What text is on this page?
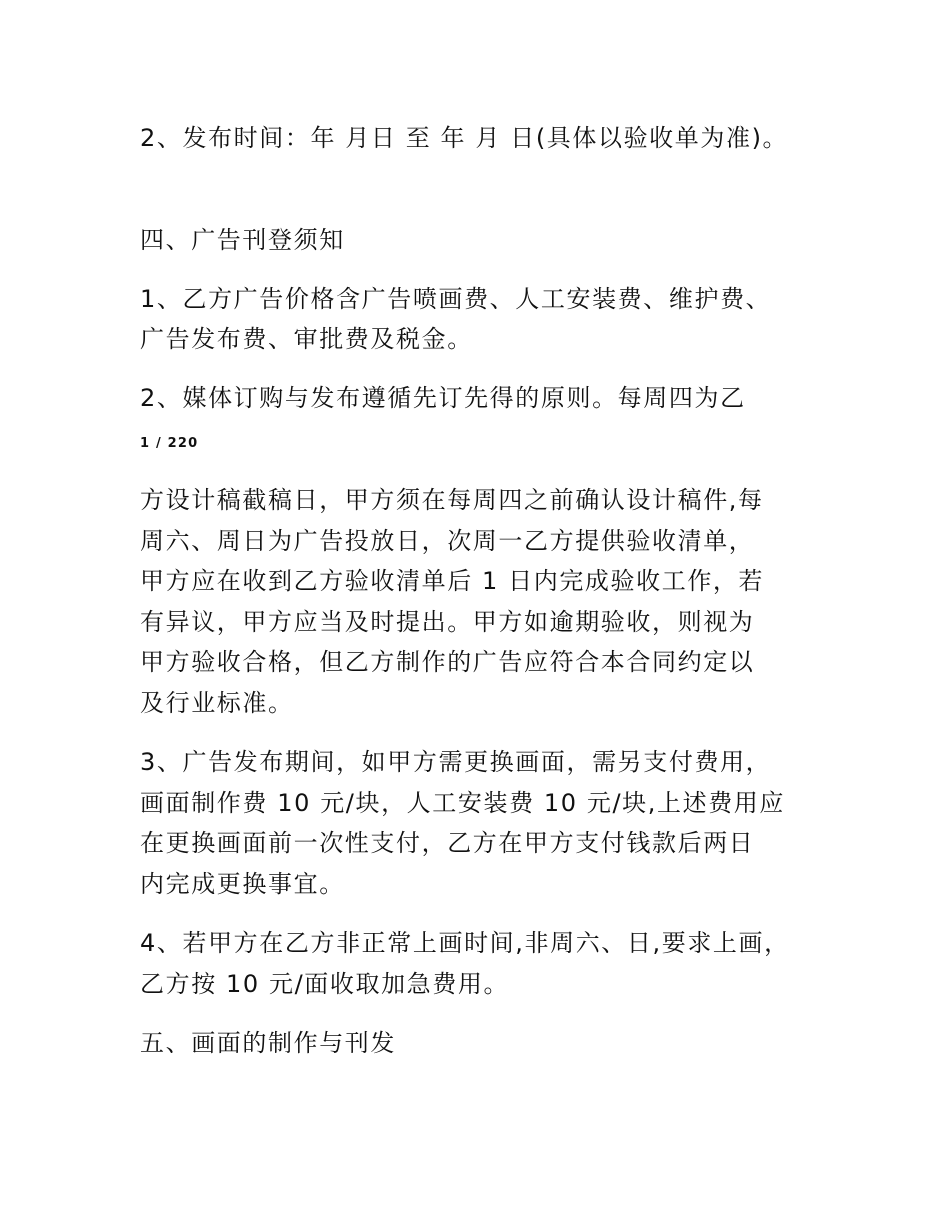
2、发布时间：年 月日 至 年 月 日(具体以验收单为准)。
四、广告刊登须知
1、乙方广告价格含广告喷画费、人工安装费、维护费、
广告发布费、审批费及税金。
2、媒体订购与发布遵循先订先得的原则。每周四为乙
1 / 220
方设计稿截稿日，甲方须在每周四之前确认设计稿件,每
周六、周日为广告投放日，次周一乙方提供验收清单，
甲方应在收到乙方验收清单后 1 日内完成验收工作，若
有异议，甲方应当及时提出。甲方如逾期验收，则视为
甲方验收合格，但乙方制作的广告应符合本合同约定以
及行业标准。
3、广告发布期间，如甲方需更换画面，需另支付费用，
画面制作费 10 元/块，人工安装费 10 元/块,上述费用应
在更换画面前一次性支付，乙方在甲方支付钱款后两日
内完成更换事宜。
4、若甲方在乙方非正常上画时间,非周六、日,要求上画，
乙方按 10 元/面收取加急费用。
五、画面的制作与刊发
